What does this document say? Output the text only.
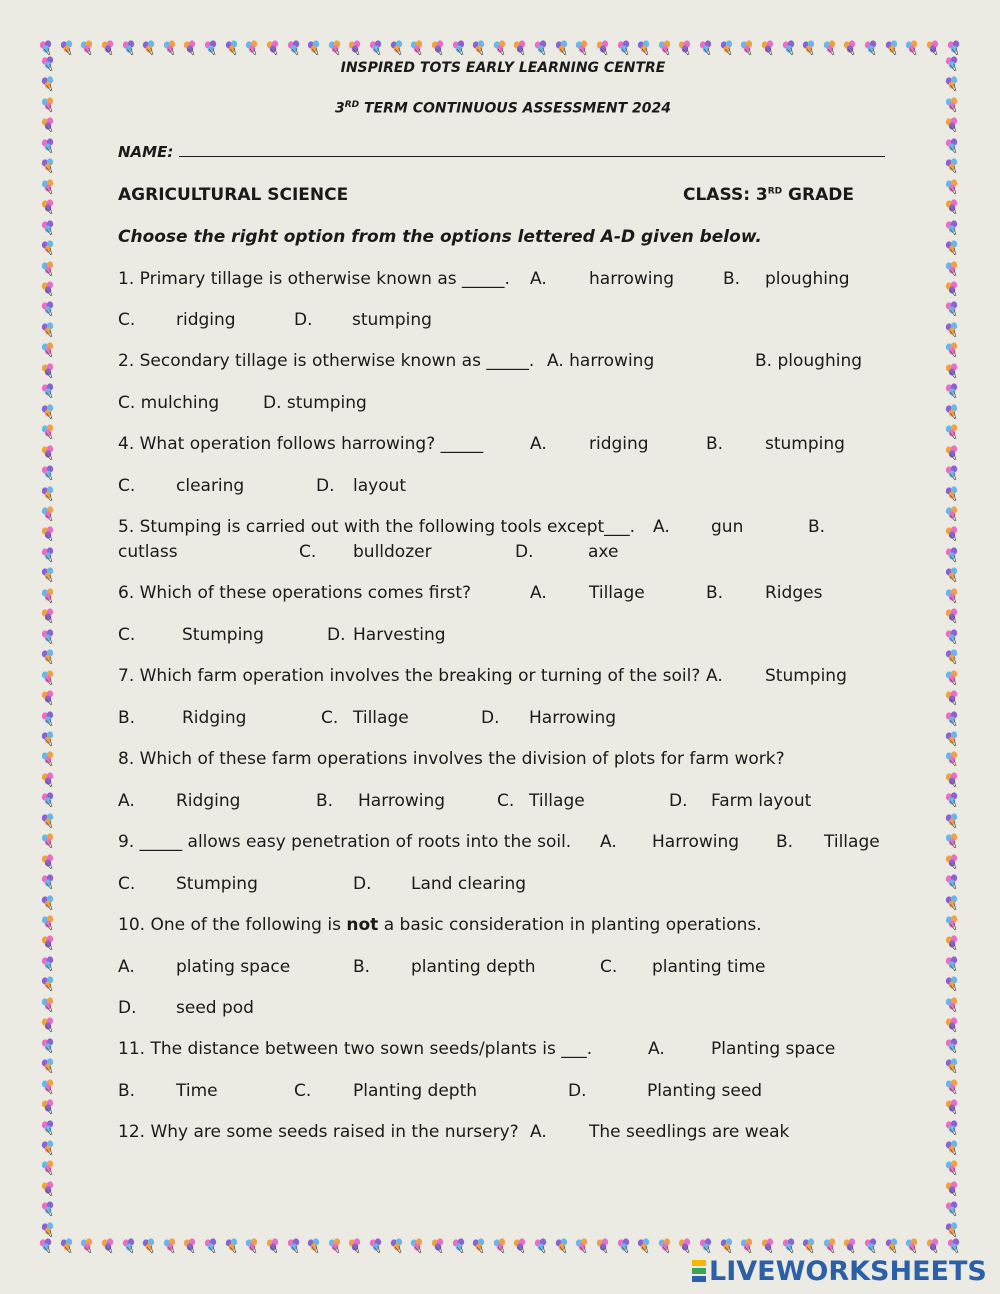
INSPIRED TOTS EARLY LEARNING CENTRE
3RD TERM CONTINUOUS ASSESSMENT 2024
NAME:
AGRICULTURAL SCIENCE	CLASS: 3RD GRADE
Choose the right option from the options lettered A-D given below.
1. Primary tillage is otherwise known as _____. A. harrowing	B. ploughing
C. ridging	D. stumping
2. Secondary tillage is otherwise known as _____. A. harrowing	B. ploughing
C. mulching	D. stumping
4. What operation follows harrowing? _____	A. ridging	B. stumping
C. clearing	D. layout
5. Stumping is carried out with the following tools except___. A. gun	B.
cutlass	C. bulldozer	D.	axe
6. Which of these operations comes first?	A. Tillage	B. Ridges
C.	Stumping	D. Harvesting
7. Which farm operation involves the breaking or turning of the soil? A. Stumping
B.	Ridging	C. Tillage	D. Harrowing
8. Which of these farm operations involves the division of plots for farm work?
A. Ridging	B. Harrowing	C. Tillage	D. Farm layout
9. _____ allows easy penetration of roots into the soil. A. Harrowing B. Tillage
C. Stumping	D. Land clearing
10. One of the following is not a basic consideration in planting operations.
A. plating space	B. planting depth	C. planting time
D. seed pod
11. The distance between two sown seeds/plants is ___.	A.	Planting space
B. Time	C. Planting depth	D.	Planting seed
12. Why are some seeds raised in the nursery? A. The seedlings are weak
LIVEWORKSHEETS
